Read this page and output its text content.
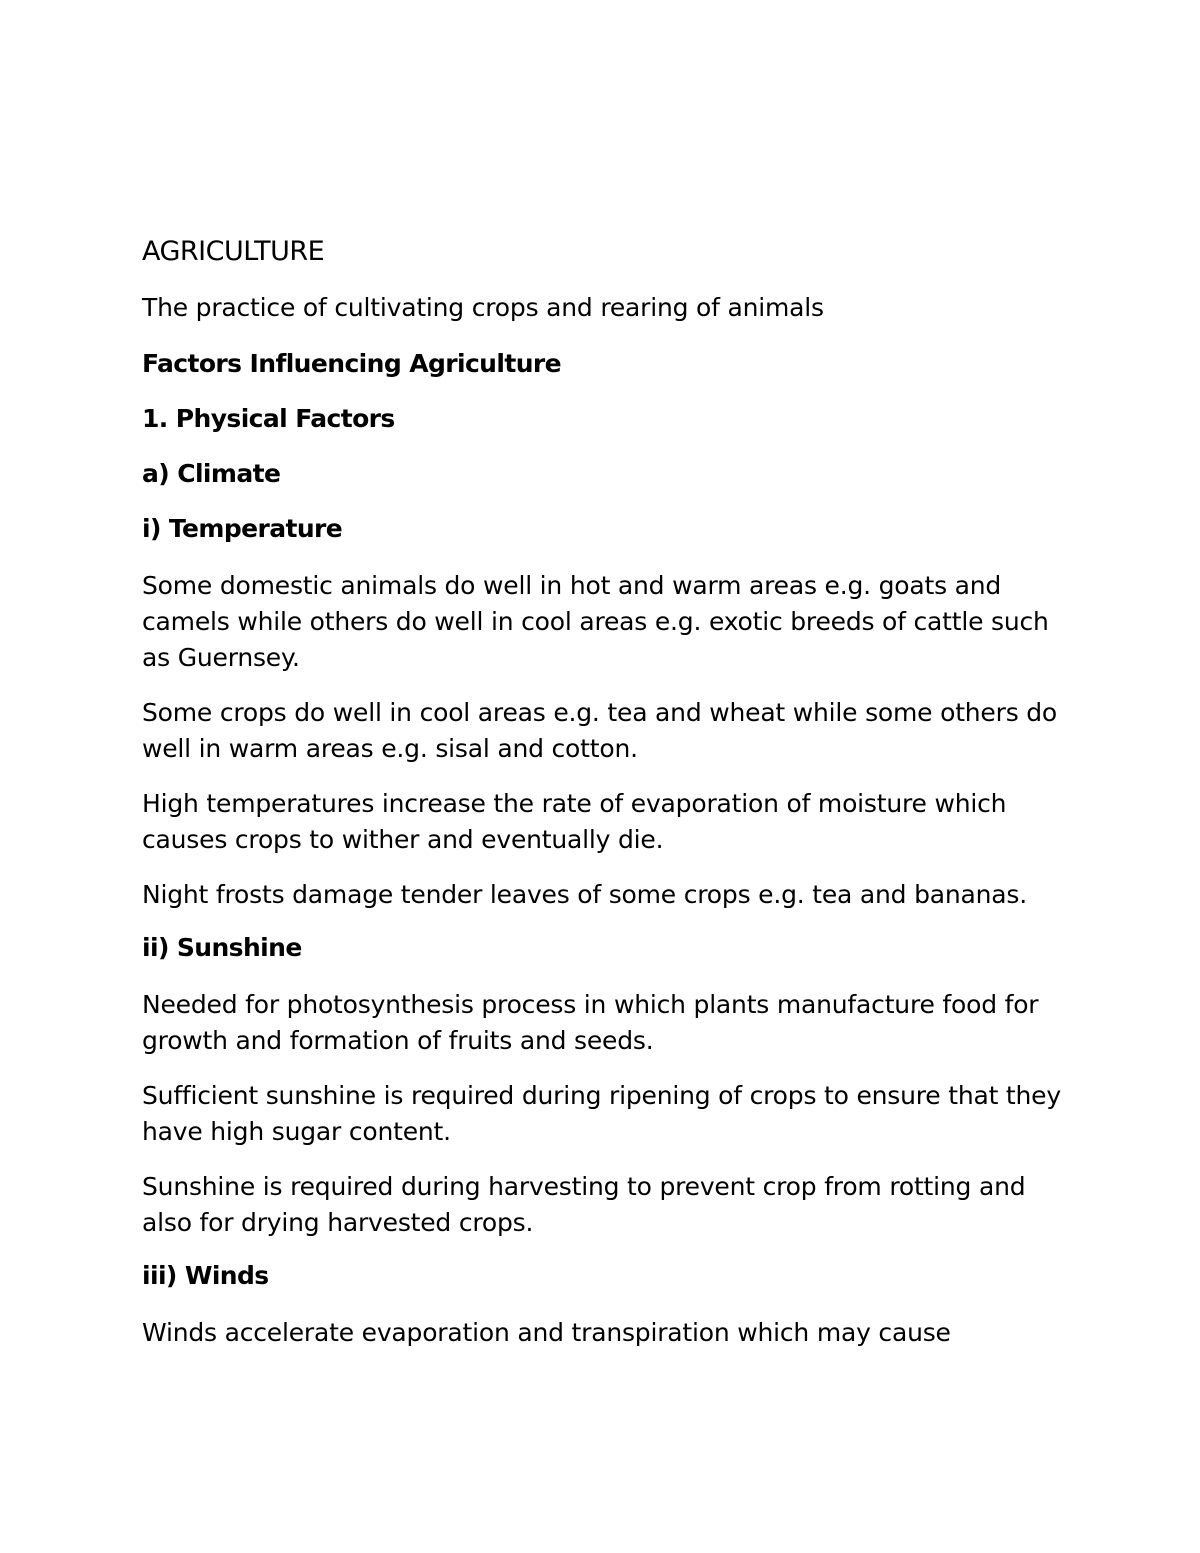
AGRICULTURE
The practice of cultivating crops and rearing of animals
Factors Influencing Agriculture
1. Physical Factors
a) Climate
i) Temperature
Some domestic animals do well in hot and warm areas e.g. goats and camels while others do well in cool areas e.g. exotic breeds of cattle such as Guernsey.
Some crops do well in cool areas e.g. tea and wheat while some others do well in warm areas e.g. sisal and cotton.
High temperatures increase the rate of evaporation of moisture which causes crops to wither and eventually die.
Night frosts damage tender leaves of some crops e.g. tea and bananas.
ii) Sunshine
Needed for photosynthesis process in which plants manufacture food for growth and formation of fruits and seeds.
Sufficient sunshine is required during ripening of crops to ensure that they have high sugar content.
Sunshine is required during harvesting to prevent crop from rotting and also for drying harvested crops.
iii) Winds
Winds accelerate evaporation and transpiration which may cause
